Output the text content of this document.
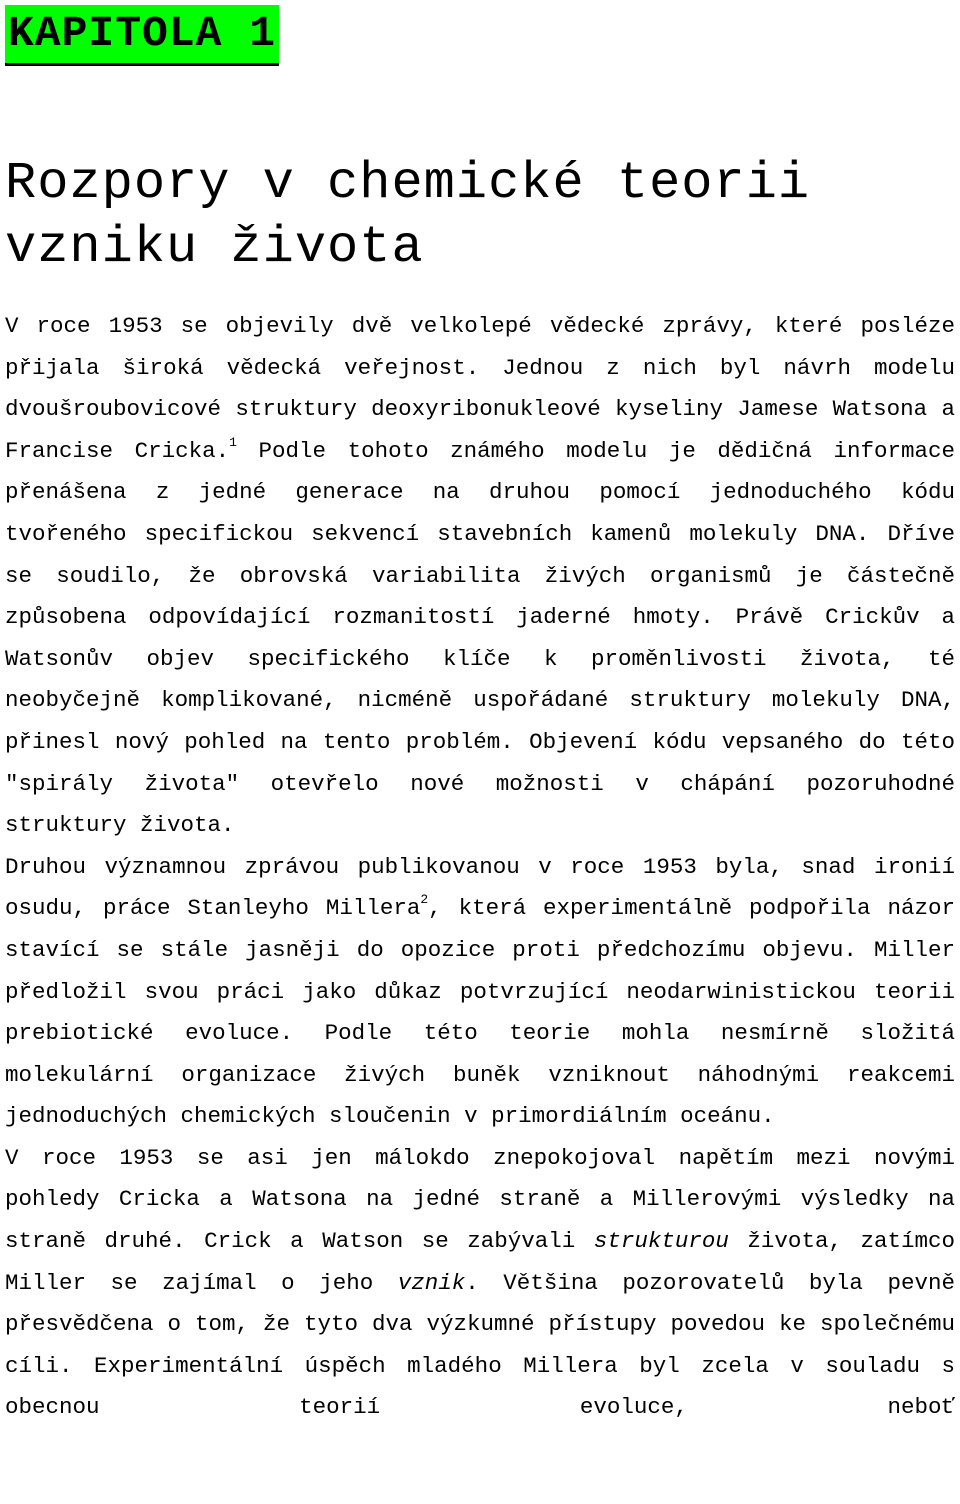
KAPITOLA 1
Rozpory v chemické teorii vzniku života

V roce 1953 se objevily dvě velkolepé vědecké zprávy, které posléze přijala široká vědecká veřejnost. Jednou z nich byl návrh modelu dvoušroubovicové struktury deoxyribonukleové kyseliny Jamese Watsona a Francise Cricka.$^1$ Podle tohoto známého modelu je dědičná informace přenášena z jedné generace na druhou pomocí jednoduchého kódu tvořeného specifickou sekvencí stavebních kamenů molekuly DNA. Dříve se soudilo, že obrovská variabilita živých organismů je částečně způsobena odpovídající rozmanitostí jaderné hmoty. Právě Crickův a Watsonův objev specifického klíče k proměnlivosti života, té neobyčejně komplikované, nicméně uspořádané struktury molekuly DNA, přinesl nový pohled na tento problém. Objevení kódu vepsaného do této "spirály života" otevřelo nové možnosti v chápání pozoruhodné struktury života.

Druhou významnou zprávou publikovanou v roce 1953 byla, snad ironií osudu, práce Stanleyho Millera$^2$, která experimentálně podpořila názor stavící se stále jasněji do opozice proti předchozímu objevu. Miller předložil svou práci jako důkaz potvrzující neodarwinistickou teorii prebiotické evoluce. Podle této teorie mohla nesmírně složitá molekulární organizace živých buněk vzniknout náhodnými reakcemi jednoduchých chemických sloučenin v primordiálním oceánu.

V roce 1953 se asi jen málokdo znepokojoval napětím mezi novými pohledy Cricka a Watsona na jedné straně a Millerovými výsledky na straně druhé. Crick a Watson se zabývali strukturou života, zatímco Miller se zajímal o jeho vznik. Většina pozorovatelů byla pevně přesvědčena o tom, že tyto dva výzkumné přístupy povedou ke společnému cíli. Experimentální úspěch mladého Millera byl zcela v souladu s obecnou teorií evoluce, neboť
